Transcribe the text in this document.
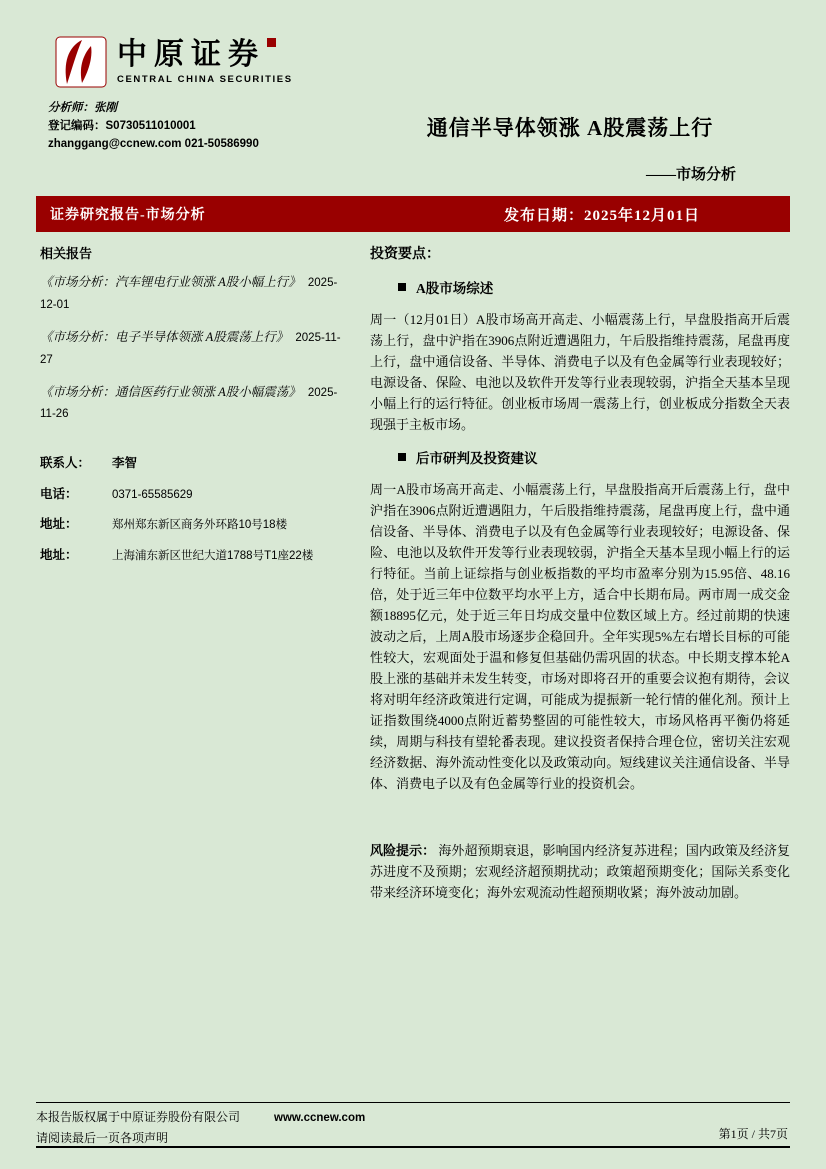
中原证券
CENTRAL CHINA SECURITIES
分析师：张刚
登记编码：S0730511010001
zhanggang@ccnew.com 021-50586990
通信半导体领涨 A股震荡上行
——市场分析
证券研究报告-市场分析	发布日期：2025年12月01日
相关报告
《市场分析：汽车锂电行业领涨 A股小幅上行》 2025-12-01
《市场分析：电子半导体领涨 A股震荡上行》 2025-11-27
《市场分析：通信医药行业领涨 A股小幅震荡》 2025-11-26
联系人：	李智
电话：	0371-65585629
地址：	郑州郑东新区商务外环路10号18楼
地址：	上海浦东新区世纪大道1788号T1座22楼
投资要点：
A股市场综述
周一（12月01日）A股市场高开高走、小幅震荡上行，早盘股指高开后震荡上行，盘中沪指在3906点附近遭遇阻力，午后股指维持震荡，尾盘再度上行，盘中通信设备、半导体、消费电子以及有色金属等行业表现较好；电源设备、保险、电池以及软件开发等行业表现较弱，沪指全天基本呈现小幅上行的运行特征。创业板市场周一震荡上行，创业板成分指数全天表现强于主板市场。
后市研判及投资建议
周一A股市场高开高走、小幅震荡上行，早盘股指高开后震荡上行，盘中沪指在3906点附近遭遇阻力，午后股指维持震荡，尾盘再度上行，盘中通信设备、半导体、消费电子以及有色金属等行业表现较好；电源设备、保险、电池以及软件开发等行业表现较弱，沪指全天基本呈现小幅上行的运行特征。当前上证综指与创业板指数的平均市盈率分别为15.95倍、48.16倍，处于近三年中位数平均水平上方，适合中长期布局。两市周一成交金额18895亿元，处于近三年日均成交量中位数区域上方。经过前期的快速波动之后，上周A股市场逐步企稳回升。全年实现5%左右增长目标的可能性较大，宏观面处于温和修复但基础仍需巩固的状态。中长期支撑本轮A股上涨的基础并未发生转变，市场对即将召开的重要会议抱有期待，会议将对明年经济政策进行定调，可能成为提振新一轮行情的催化剂。预计上证指数围绕4000点附近蓄势整固的可能性较大，市场风格再平衡仍将延续，周期与科技有望轮番表现。建议投资者保持合理仓位，密切关注宏观经济数据、海外流动性变化以及政策动向。短线建议关注通信设备、半导体、消费电子以及有色金属等行业的投资机会。
风险提示： 海外超预期衰退，影响国内经济复苏进程；国内政策及经济复苏进度不及预期；宏观经济超预期扰动；政策超预期变化；国际关系变化带来经济环境变化；海外宏观流动性超预期收紧；海外波动加剧。
本报告版权属于中原证券股份有限公司	www.ccnew.com
请阅读最后一页各项声明	第1页 / 共7页
